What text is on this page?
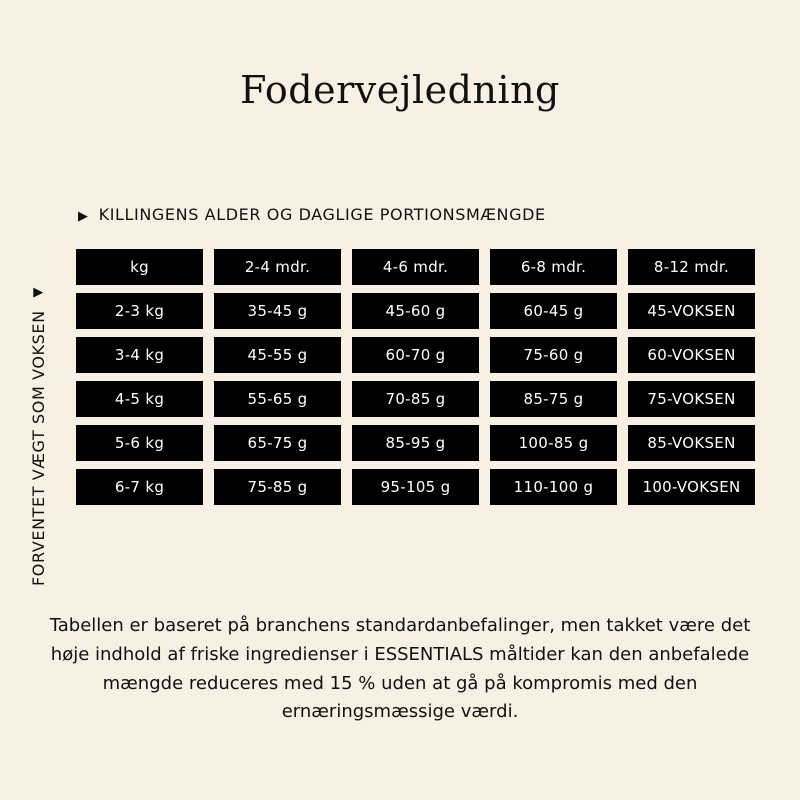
Fodervejledning
▶ KILLINGENS ALDER OG DAGLIGE PORTIONSMÆNGDE
FORVENTET VÆGT SOM VOKSEN
▶
kg	2-4 mdr.	4-6 mdr.	6-8 mdr.	8-12 mdr.
2-3 kg	35-45 g	45-60 g	60-45 g	45-VOKSEN
3-4 kg	45-55 g	60-70 g	75-60 g	60-VOKSEN
4-5 kg	55-65 g	70-85 g	85-75 g	75-VOKSEN
5-6 kg	65-75 g	85-95 g	100-85 g	85-VOKSEN
6-7 kg	75-85 g	95-105 g	110-100 g	100-VOKSEN

Tabellen er baseret på branchens standardanbefalinger, men takket være det høje indhold af friske ingredienser i ESSENTIALS måltider kan den anbefalede mængde reduceres med 15 % uden at gå på kompromis med den ernæringsmæssige værdi.
